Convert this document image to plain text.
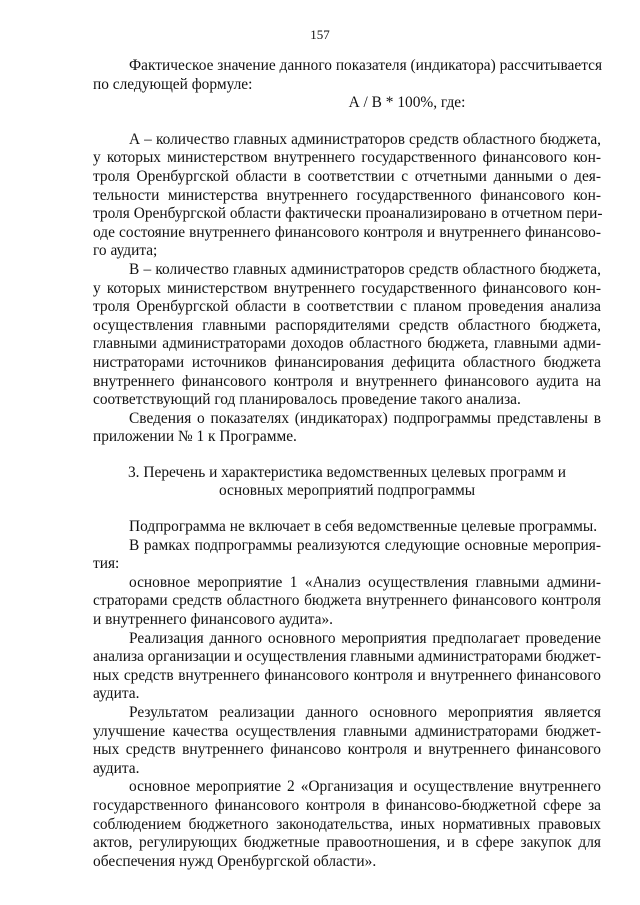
157
Фактическое значение данного показателя (индикатора) рассчитывается
по следующей формуле:
А / В * 100%, где:
А – количество главных администраторов средств областного бюджета,
у которых министерством внутреннего государственного финансового кон-
троля Оренбургской области в соответствии с отчетными данными о дея-
тельности министерства внутреннего государственного финансового кон-
троля Оренбургской области фактически проанализировано в отчетном пери-
оде состояние внутреннего финансового контроля и внутреннего финансово-
го аудита;
В – количество главных администраторов средств областного бюджета,
у которых министерством внутреннего государственного финансового кон-
троля Оренбургской области в соответствии с планом проведения анализа
осуществления главными распорядителями средств областного бюджета,
главными администраторами доходов областного бюджета, главными адми-
нистраторами источников финансирования дефицита областного бюджета
внутреннего финансового контроля и внутреннего финансового аудита на
соответствующий год планировалось проведение такого анализа.
Сведения о показателях (индикаторах) подпрограммы представлены в
приложении № 1 к Программе.
3. Перечень и характеристика ведомственных целевых программ и
основных мероприятий подпрограммы
Подпрограмма не включает в себя ведомственные целевые программы.
В рамках подпрограммы реализуются следующие основные мероприя-
тия:
основное мероприятие 1 «Анализ осуществления главными админи-
страторами средств областного бюджета внутреннего финансового контроля
и внутреннего финансового аудита».
Реализация данного основного мероприятия предполагает проведение
анализа организации и осуществления главными администраторами бюджет-
ных средств внутреннего финансового контроля и внутреннего финансового
аудита.
Результатом реализации данного основного мероприятия является
улучшение качества осуществления главными администраторами бюджет-
ных средств внутреннего финансово контроля и внутреннего финансового
аудита.
основное мероприятие 2 «Организация и осуществление внутреннего
государственного финансового контроля в финансово-бюджетной сфере за
соблюдением бюджетного законодательства, иных нормативных правовых
актов, регулирующих бюджетные правоотношения, и в сфере закупок для
обеспечения нужд Оренбургской области».
